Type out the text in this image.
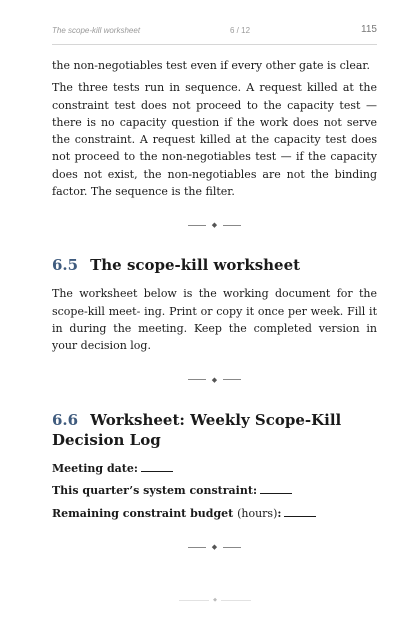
The scope-kill worksheet	6 / 12	115

the non-negotiables test even if every other gate is clear.

The three tests run in sequence. A request killed at the constraint test does not proceed to the capacity test — there is no capacity question if the work does not serve the constraint. A request killed at the capacity test does not proceed to the non-negotiables test — if the capacity does not exist, the non-negotiables are not the binding factor. The sequence is the filter.

◆
6.5 The scope-kill worksheet

The worksheet below is the working document for the scope-kill meet- ing. Print or copy it once per week. Fill it in during the meeting. Keep the completed version in your decision log.

◆
6.6 Worksheet: Weekly Scope-Kill Decision Log
Meeting date:
This quarter’s system constraint:
Remaining constraint budget (hours):
◆
◆
